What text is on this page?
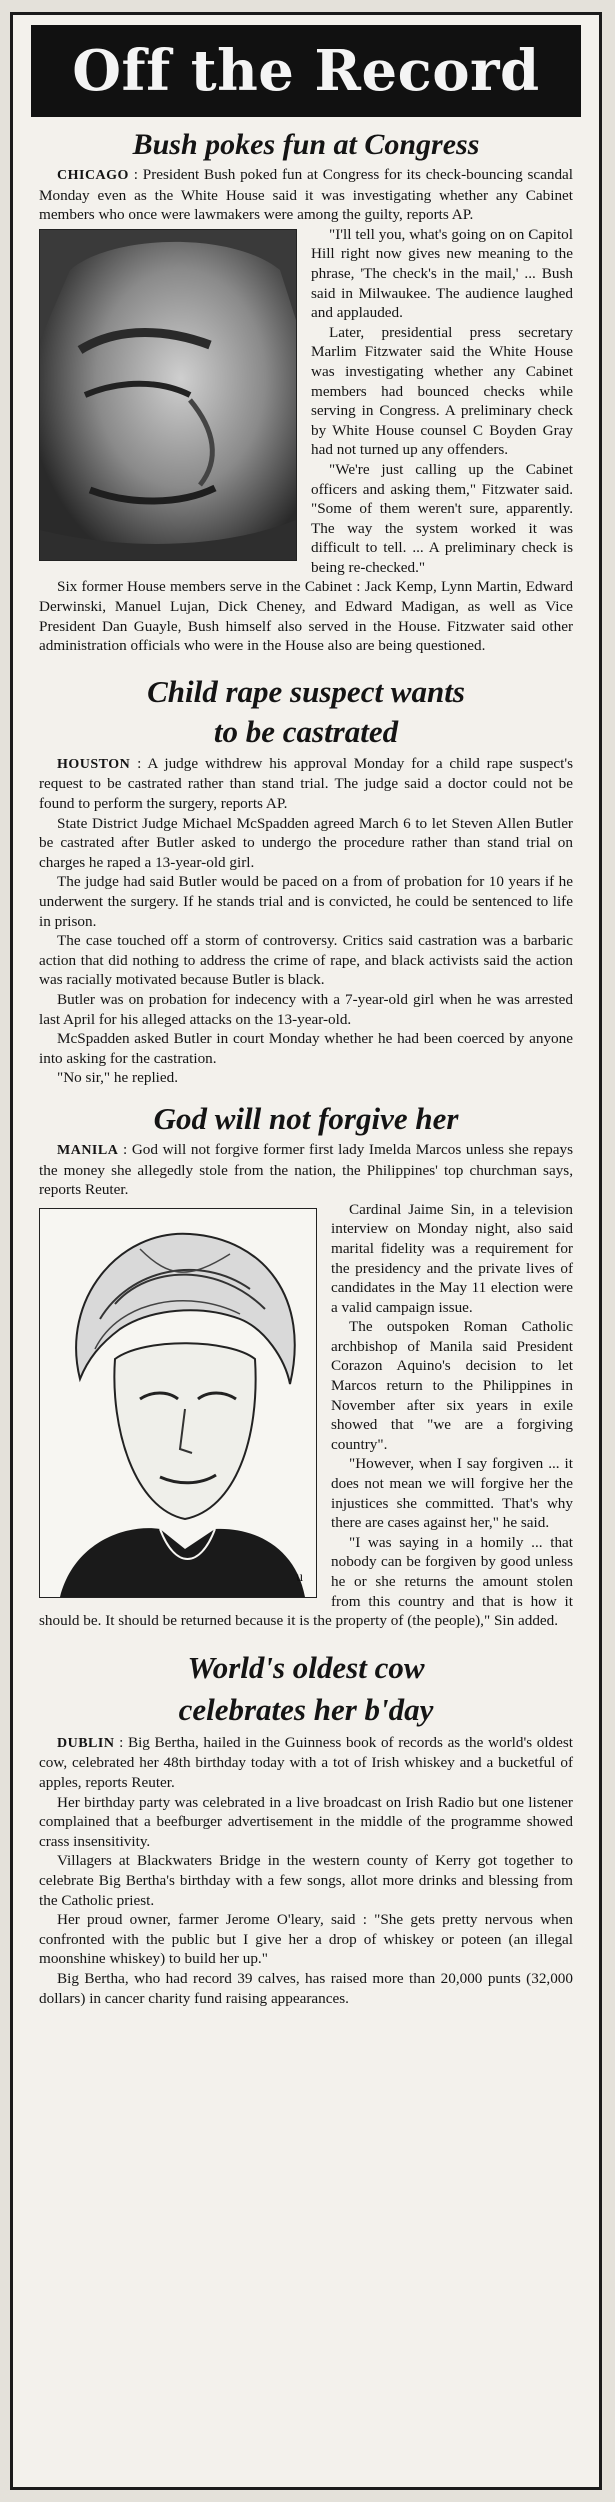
Off the Record
Bush pokes fun at Congress

CHICAGO : President Bush poked fun at Congress for its check-bouncing scandal Monday even as the White House said it was investigating whether any Cabinet members who once were lawmakers were among the guilty, reports AP.

"I'll tell you, what's going on on Capitol Hill right now gives new meaning to the phrase, 'The check's in the mail,' ... Bush said in Milwaukee. The audience laughed and applauded.

Later, presidential press secretary Marlim Fitzwater said the White House was investigating whether any Cabinet members had bounced checks while serving in Congress. A preliminary check by White House counsel C Boyden Gray had not turned up any offenders.

"We're just calling up the Cabinet officers and asking them," Fitzwater said. "Some of them weren't sure, apparently. The way the system worked it was difficult to tell. ... A preliminary check is being re-checked."

Six former House members serve in the Cabinet : Jack Kemp, Lynn Martin, Edward Derwinski, Manuel Lujan, Dick Cheney, and Edward Madigan, as well as Vice President Dan Guayle, Bush himself also served in the House. Fitzwater said other administration officials who were in the House also are being questioned.

Child rape suspect wants
to be castrated

HOUSTON : A judge withdrew his approval Monday for a child rape suspect's request to be castrated rather than stand trial. The judge said a doctor could not be found to perform the surgery, reports AP.

State District Judge Michael McSpadden agreed March 6 to let Steven Allen Butler be castrated after Butler asked to undergo the procedure rather than stand trial on charges he raped a 13-year-old girl.

The judge had said Butler would be paced on a from of probation for 10 years if he underwent the surgery. If he stands trial and is convicted, he could be sentenced to life in prison.

The case touched off a storm of controversy. Critics said castration was a barbaric action that did nothing to address the crime of rape, and black activists said the action was racially motivated because Butler is black.

Butler was on probation for indecency with a 7-year-old girl when he was arrested last April for his alleged attacks on the 13-year-old.

McSpadden asked Butler in court Monday whether he had been coerced by anyone into asking for the castration.

"No sir," he replied.

God will not forgive her

MANILA : God will not forgive former first lady Imelda Marcos unless she repays the money she allegedly stole from the nation, the Philippines' top churchman says, reports Reuter.

u

Cardinal Jaime Sin, in a television interview on Monday night, also said marital fidelity was a requirement for the presidency and the private lives of candidates in the May 11 election were a valid campaign issue.

The outspoken Roman Catholic archbishop of Manila said President Corazon Aquino's decision to let Marcos return to the Philippines in November after six years in exile showed that "we are a forgiving country".

"However, when I say forgiven ... it does not mean we will forgive her the injustices she committed. That's why there are cases against her," he said.

"I was saying in a homily ... that nobody can be forgiven by good unless he or she returns the amount stolen from this country and that is how it should be. It should be returned because it is the property of (the people)," Sin added.

World's oldest cow
celebrates her b'day

DUBLIN : Big Bertha, hailed in the Guinness book of records as the world's oldest cow, celebrated her 48th birthday today with a tot of Irish whiskey and a bucketful of apples, reports Reuter.

Her birthday party was celebrated in a live broadcast on Irish Radio but one listener complained that a beefburger advertisement in the middle of the programme showed crass insensitivity.

Villagers at Blackwaters Bridge in the western county of Kerry got together to celebrate Big Bertha's birthday with a few songs, allot more drinks and blessing from the Catholic priest.

Her proud owner, farmer Jerome O'leary, said : "She gets pretty nervous when confronted with the public but I give her a drop of whiskey or poteen (an illegal moonshine whiskey) to build her up."

Big Bertha, who had record 39 calves, has raised more than 20,000 punts (32,000 dollars) in cancer charity fund raising appearances.
